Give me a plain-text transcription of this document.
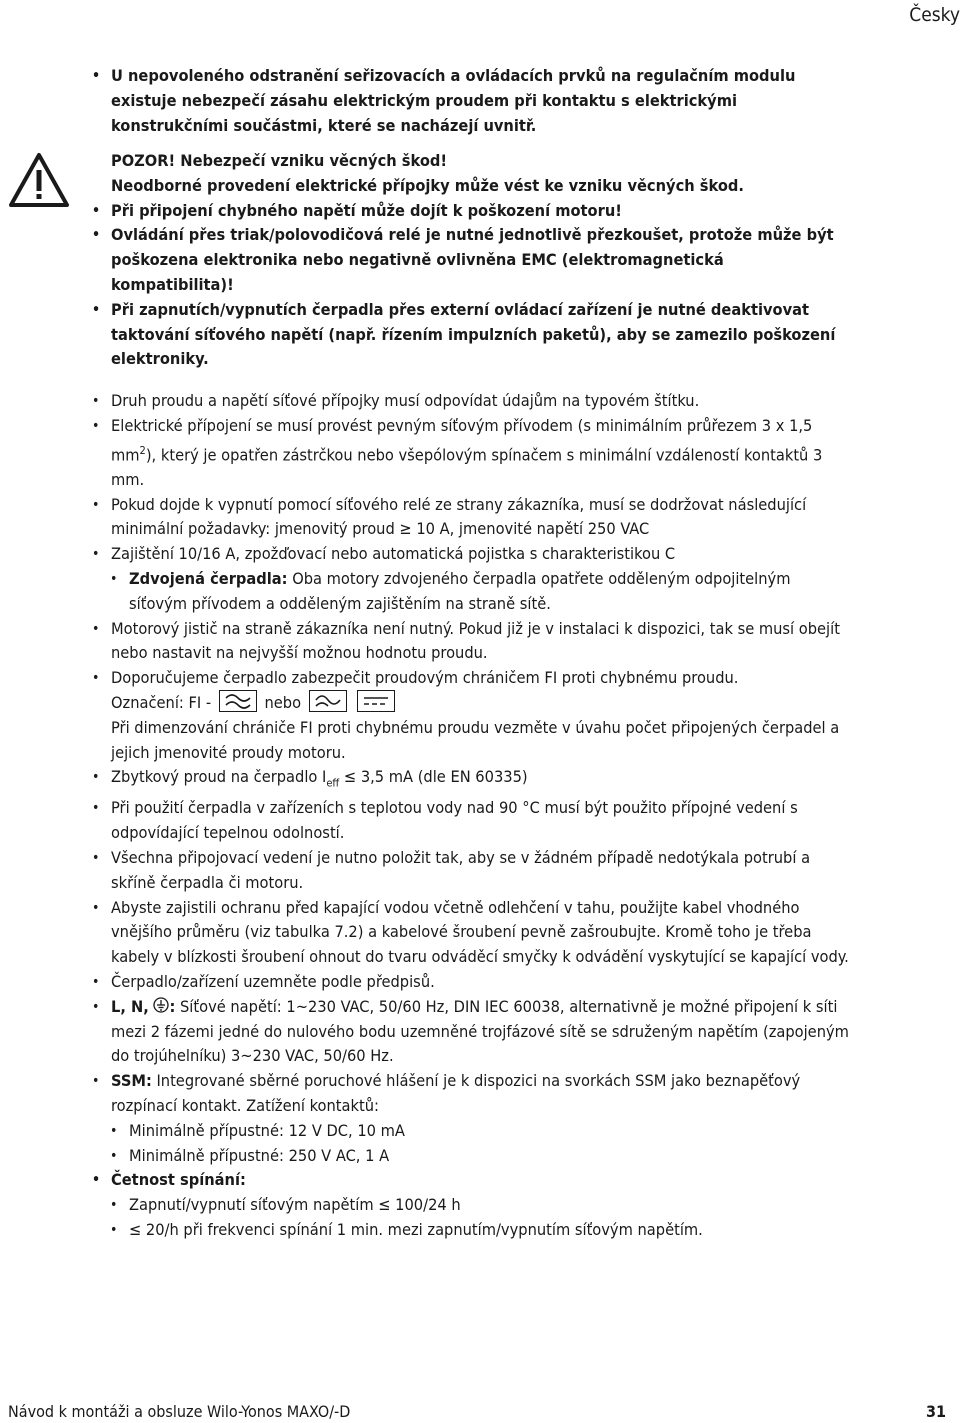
Česky
• U nepovoleného odstranění seřizovacích a ovládacích prvků na regulačním modulu existuje nebezpečí zásahu elektrickým proudem při kontaktu s elektrickými konstrukčními součástmi, které se nacházejí uvnitř.
POZOR! Nebezpečí vzniku věcných škod!
Neodborné provedení elektrické přípojky může vést ke vzniku věcných škod.
• Při připojení chybného napětí může dojít k poškození motoru!
• Ovládání přes triak/polovodičová relé je nutné jednotlivě přezkoušet, protože může být poškozena elektronika nebo negativně ovlivněna EMC (elektromagnetická kompatibilita)!
• Při zapnutích/vypnutích čerpadla přes externí ovládací zařízení je nutné deaktivovat taktování síťového napětí (např. řízením impulzních paketů), aby se zamezilo poškození elektroniky.
• Druh proudu a napětí síťové přípojky musí odpovídat údajům na typovém štítku.
• Elektrické přípojení se musí provést pevným síťovým přívodem (s minimálním průřezem 3 x 1,5 $mm^2$), který je opatřen zástrčkou nebo všepólovým spínačem s minimální vzdáleností kontaktů 3 mm.
• Pokud dojde k vypnutí pomocí síťového relé ze strany zákazníka, musí se dodržovat následující minimální požadavky: jmenovitý proud ≥ 10 A, jmenovité napětí 250 VAC
• Zajištění 10/16 A, zpožďovací nebo automatická pojistka s charakteristikou C
• Zdvojená čerpadla: Oba motory zdvojeného čerpadla opatřete odděleným odpojitelným síťovým přívodem a odděleným zajištěním na straně sítě.
• Motorový jistič na straně zákazníka není nutný. Pokud již je v instalaci k dispozici, tak se musí obejít nebo nastavit na nejvyšší možnou hodnotu proudu.
• Doporučujeme čerpadlo zabezpečit proudovým chráničem FI proti chybnému proudu.
Označení: FI -	nebo

Při dimenzování chrániče FI proti chybnému proudu vezměte v úvahu počet připojených čerpadel a jejich jmenovité proudy motoru.
• Zbytkový proud na čerpadlo $I_{eff} \le 3,5$ mA (dle EN 60335)
• Při použití čerpadla v zařízeních s teplotou vody nad 90 °C musí být použito přípojné vedení s odpovídající tepelnou odolností.
• Všechna připojovací vedení je nutno položit tak, aby se v žádném případě nedotýkala potrubí a skříně čerpadla či motoru.
• Abyste zajistili ochranu před kapající vodou včetně odlehčení v tahu, použijte kabel vhodného vnějšího průměru (viz tabulka 7.2) a kabelové šroubení pevně zašroubujte. Kromě toho je třeba kabely v blízkosti šroubení ohnout do tvaru odváděcí smyčky k odvádění vyskytující se kapající vody.
• Čerpadlo/zařízení uzemněte podle předpisů.
• L, N, : Síťové napětí: 1~230 VAC, 50/60 Hz, DIN IEC 60038, alternativně je možné připojení k síti mezi 2 fázemi jedné do nulového bodu uzemněné trojfázové sítě se sdruženým napětím (zapojeným do trojúhelníku) 3~230 VAC, 50/60 Hz.
• SSM: Integrované sběrné poruchové hlášení je k dispozici na svorkách SSM jako beznapěťový rozpínací kontakt. Zatížení kontaktů:
• Minimálně přípustné: 12 V DC, 10 mA
• Minimálně přípustné: 250 V AC, 1 A
• Četnost spínání:
• Zapnutí/vypnutí síťovým napětím ≤ 100/24 h
• ≤ 20/h při frekvenci spínání 1 min. mezi zapnutím/vypnutím síťovým napětím.
Návod k montáži a obsluze Wilo-Yonos MAXO/-D	31
